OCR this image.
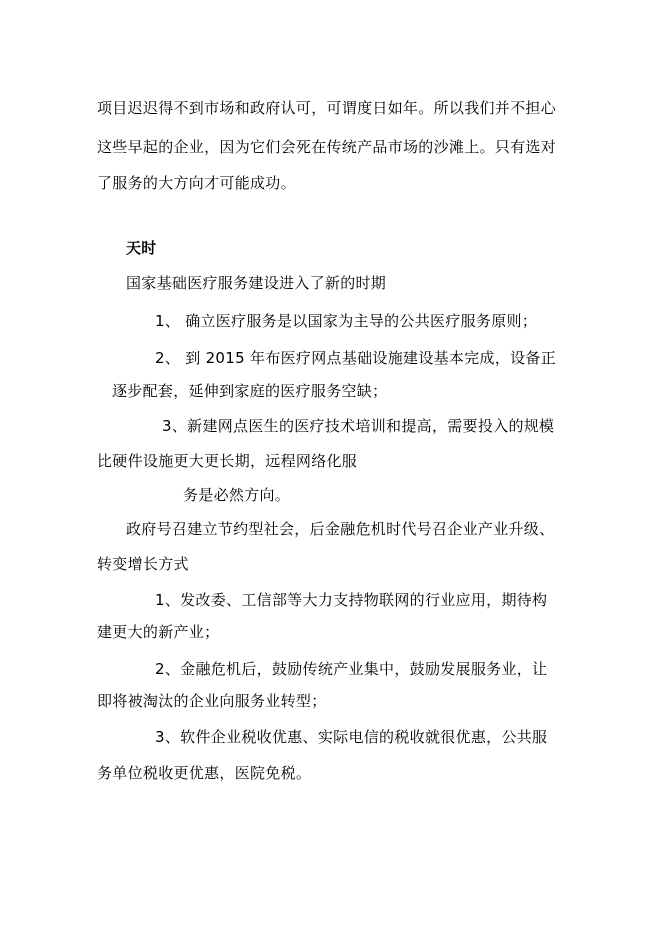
项目迟迟得不到市场和政府认可，可谓度日如年。所以我们并不担心
这些早起的企业，因为它们会死在传统产品市场的沙滩上。只有选对
了服务的大方向才可能成功。
天时
国家基础医疗服务建设进入了新的时期
1、 确立医疗服务是以国家为主导的公共医疗服务原则；
2、 到 2015 年布医疗网点基础设施建设基本完成，设备正
逐步配套，延伸到家庭的医疗服务空缺；
3、新建网点医生的医疗技术培训和提高，需要投入的规模
比硬件设施更大更长期，远程网络化服
务是必然方向。
政府号召建立节约型社会，后金融危机时代号召企业产业升级、
转变增长方式
1、发改委、工信部等大力支持物联网的行业应用，期待构
建更大的新产业；
2、金融危机后，鼓励传统产业集中，鼓励发展服务业，让
即将被淘汰的企业向服务业转型；
3、软件企业税收优惠、实际电信的税收就很优惠，公共服
务单位税收更优惠，医院免税。
